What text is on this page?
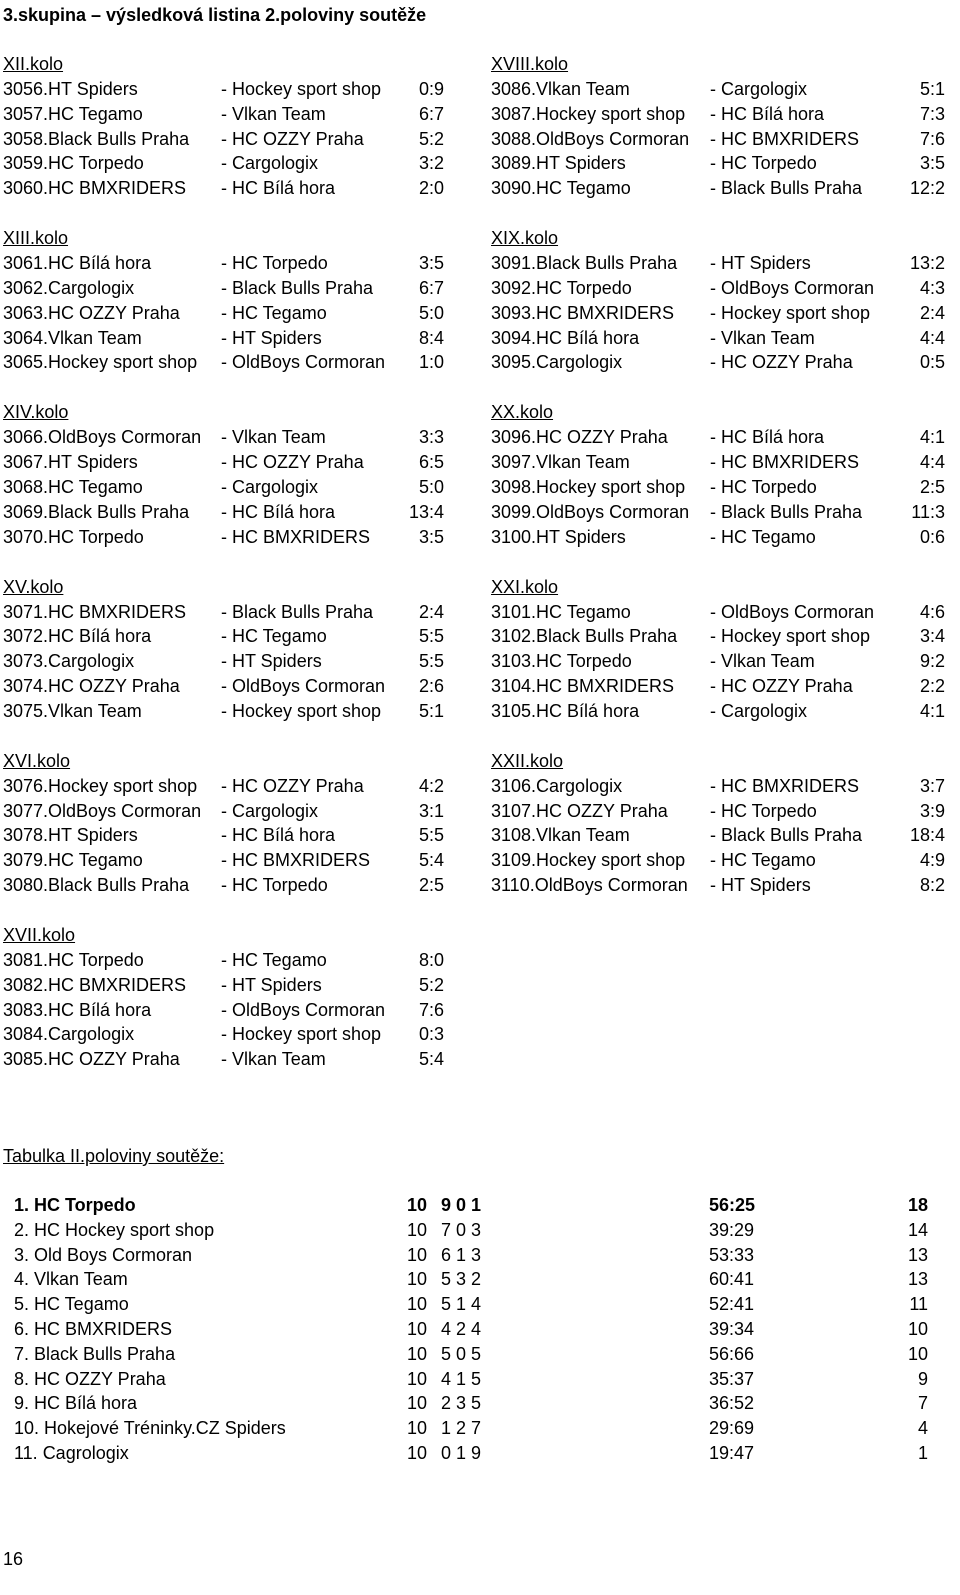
3.skupina – výsledková listina 2.poloviny soutěže
XII.kolo
3056.HT Spiders	- Hockey sport shop 0:9
3057.HC Tegamo	- Vlkan Team	6:7
3058.Black Bulls Praha - HC OZZY Praha	5:2
3059.HC Torpedo	- Cargologix	3:2
3060.HC BMXRIDERS - HC Bílá hora	2:0
XVIII.kolo
3086.Vlkan Team	- Cargologix	5:1
3087.Hockey sport shop - HC Bílá hora	7:3
3088.OldBoys Cormoran - HC BMXRIDERS	7:6
3089.HT Spiders	- HC Torpedo	3:5
3090.HC Tegamo	- Black Bulls Praha	12:2
XIII.kolo
3061.HC Bílá hora	- HC Torpedo	3:5
3062.Cargologix	- Black Bulls Praha	6:7
3063.HC OZZY Praha - HC Tegamo	5:0
3064.Vlkan Team	- HT Spiders	8:4
3065.Hockey sport shop - OldBoys Cormoran 1:0
XIX.kolo
3091.Black Bulls Praha - HT Spiders	13:2
3092.HC Torpedo	- OldBoys Cormoran	4:3
3093.HC BMXRIDERS - Hockey sport shop	2:4
3094.HC Bílá hora	- Vlkan Team	4:4
3095.Cargologix	- HC OZZY Praha	0:5
XIV.kolo
3066.OldBoys Cormoran - Vlkan Team	3:3
3067.HT Spiders	- HC OZZY Praha	6:5
3068.HC Tegamo	- Cargologix	5:0
3069.Black Bulls Praha - HC Bílá hora	13:4
3070.HC Torpedo	- HC BMXRIDERS	3:5
XX.kolo
3096.HC OZZY Praha - HC Bílá hora	4:1
3097.Vlkan Team	- HC BMXRIDERS	4:4
3098.Hockey sport shop - HC Torpedo	2:5
3099.OldBoys Cormoran - Black Bulls Praha	11:3
3100.HT Spiders	- HC Tegamo	0:6
XV.kolo
3071.HC BMXRIDERS - Black Bulls Praha	2:4
3072.HC Bílá hora	- HC Tegamo	5:5
3073.Cargologix	- HT Spiders	5:5
3074.HC OZZY Praha - OldBoys Cormoran 2:6
3075.Vlkan Team	- Hockey sport shop 5:1
XXI.kolo
3101.HC Tegamo	- OldBoys Cormoran	4:6
3102.Black Bulls Praha - Hockey sport shop	3:4
3103.HC Torpedo	- Vlkan Team	9:2
3104.HC BMXRIDERS - HC OZZY Praha	2:2
3105.HC Bílá hora	- Cargologix	4:1
XVI.kolo
3076.Hockey sport shop - HC OZZY Praha	4:2
3077.OldBoys Cormoran - Cargologix	3:1
3078.HT Spiders	- HC Bílá hora	5:5
3079.HC Tegamo	- HC BMXRIDERS	5:4
3080.Black Bulls Praha - HC Torpedo	2:5
XXII.kolo
3106.Cargologix	- HC BMXRIDERS	3:7
3107.HC OZZY Praha - HC Torpedo	3:9
3108.Vlkan Team	- Black Bulls Praha	18:4
3109.Hockey sport shop - HC Tegamo	4:9
3110.OldBoys Cormoran - HT Spiders	8:2
XVII.kolo
3081.HC Torpedo	- HC Tegamo	8:0
3082.HC BMXRIDERS - HT Spiders	5:2
3083.HC Bílá hora	- OldBoys Cormoran 7:6
3084.Cargologix	- Hockey sport shop 0:3
3085.HC OZZY Praha - Vlkan Team	5:4
Tabulka II.poloviny soutěže:
1. HC Torpedo	10 9 0 1	56:25	18
2. HC Hockey sport shop	10 7 0 3	39:29	14
3. Old Boys Cormoran	10 6 1 3	53:33	13
4. Vlkan Team	10 5 3 2	60:41	13
5. HC Tegamo	10 5 1 4	52:41	11
6. HC BMXRIDERS	10 4 2 4	39:34	10
7. Black Bulls Praha	10 5 0 5	56:66	10
8. HC OZZY Praha	10 4 1 5	35:37	9
9. HC Bílá hora	10 2 3 5	36:52	7
10. Hokejové Tréninky.CZ Spiders	10 1 2 7	29:69	4
11. Cagrologix	10 0 1 9	19:47	1
16
